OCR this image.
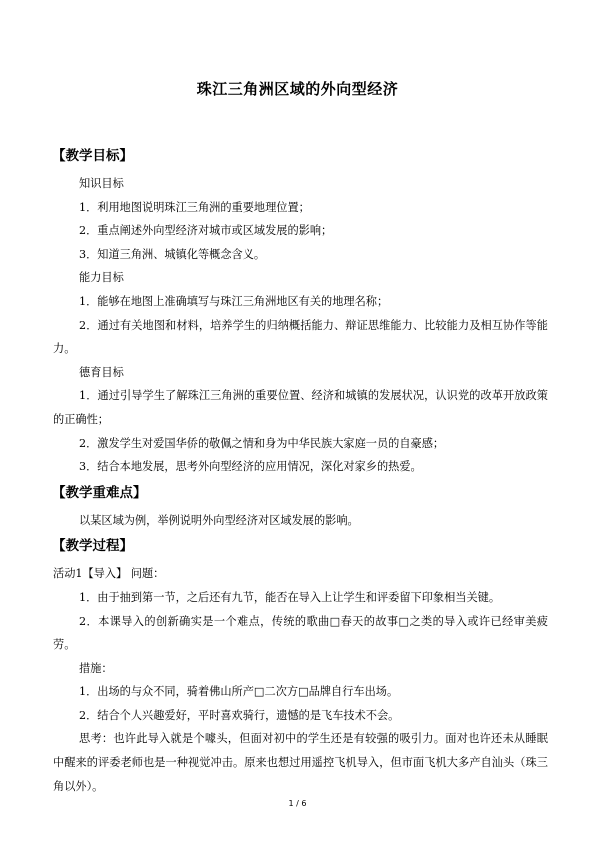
珠江三角洲区域的外向型经济
【教学目标】

知识目标

1．利用地图说明珠江三角洲的重要地理位置；

2．重点阐述外向型经济对城市或区域发展的影响；

3．知道三角洲、城镇化等概念含义。

能力目标

1．能够在地图上准确填写与珠江三角洲地区有关的地理名称；

2．通过有关地图和材料，培养学生的归纳概括能力、辩证思维能力、比较能力及相互协作等能力。

德育目标

1．通过引导学生了解珠江三角洲的重要位置、经济和城镇的发展状况，认识党的改革开放政策的正确性；

2．激发学生对爱国华侨的敬佩之情和身为中华民族大家庭一员的自豪感；

3．结合本地发展，思考外向型经济的应用情况，深化对家乡的热爱。

【教学重难点】

以某区域为例，举例说明外向型经济对区域发展的影响。

【教学过程】

活动1【导入】 问题：

1．由于抽到第一节，之后还有九节，能否在导入上让学生和评委留下印象相当关键。

2．本课导入的创新确实是一个难点，传统的歌曲□春天的故事□之类的导入或许已经审美疲劳。

措施：

1．出场的与众不同，骑着佛山所产□二次方□品牌自行车出场。

2．结合个人兴趣爱好，平时喜欢骑行，遗憾的是飞车技术不会。

思考：也许此导入就是个噱头，但面对初中的学生还是有较强的吸引力。面对也许还未从睡眠中醒来的评委老师也是一种视觉冲击。原来也想过用遥控飞机导入，但市面飞机大多产自汕头（珠三角以外）。

1 / 6
